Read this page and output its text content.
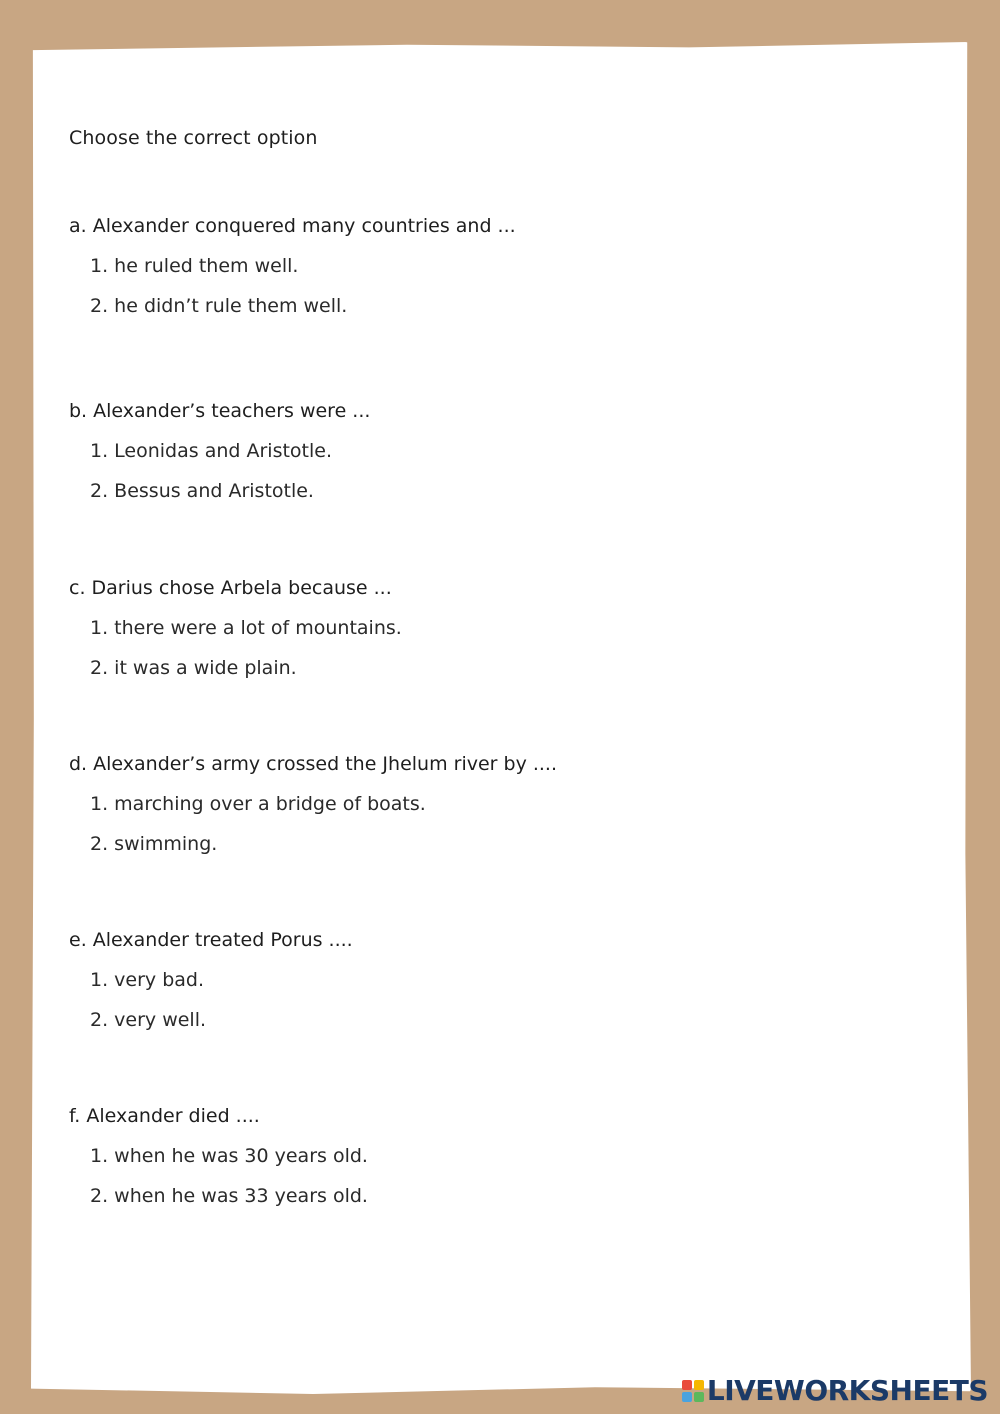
Choose the correct option
a. Alexander conquered many countries and ...
1. he ruled them well.
2. he didn’t rule them well.
b. Alexander’s teachers were ...
1. Leonidas and Aristotle.
2. Bessus and Aristotle.
c. Darius chose Arbela because ...
1. there were a lot of mountains.
2. it was a wide plain.
d. Alexander’s army crossed the Jhelum river by ....
1. marching over a bridge of boats.
2. swimming.
e. Alexander treated Porus ....
1. very bad.
2. very well.
f. Alexander died ....
1. when he was 30 years old.
2. when he was 33 years old.
LIVEWORKSHEETS
